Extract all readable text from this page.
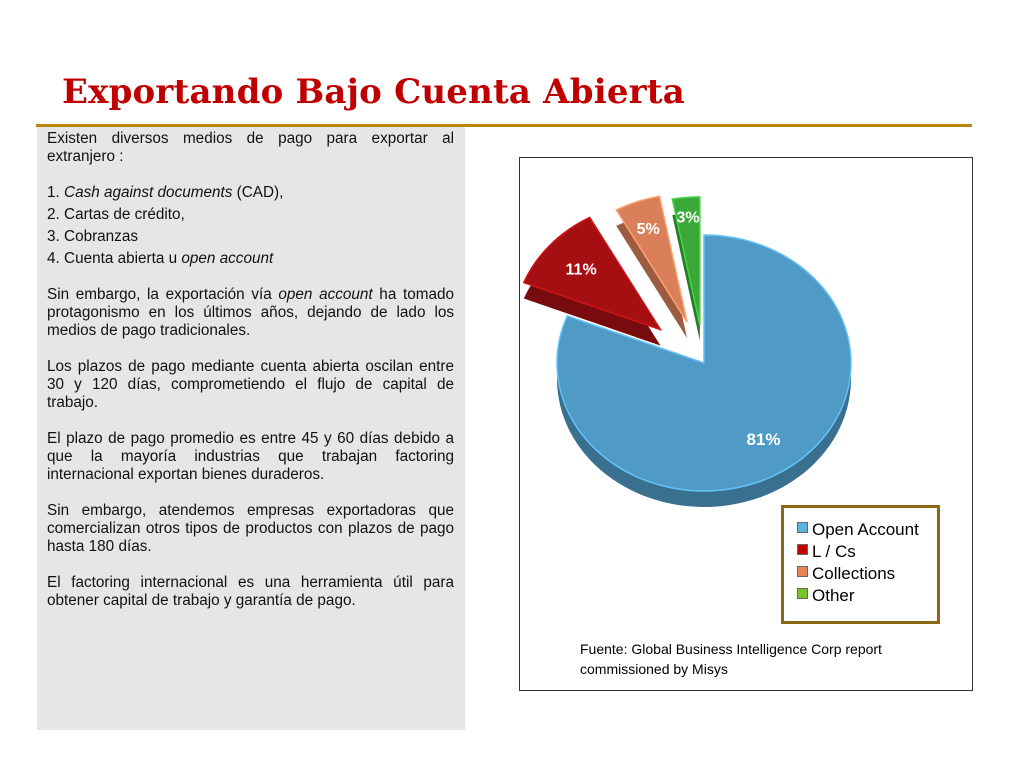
Exportando Bajo Cuenta Abierta

Existen diversos medios de pago para exportar al extranjero :

1. Cash against documents (CAD),

2. Cartas de crédito,

3. Cobranzas

4. Cuenta abierta u open account

Sin embargo, la exportación vía open account ha tomado protagonismo en los últimos años, dejando de lado los medios de pago tradicionales.

Los plazos de pago mediante cuenta abierta oscilan entre 30 y 120 días, comprometiendo el flujo de capital de trabajo.

El plazo de pago promedio es entre 45 y 60 días debido a que la mayoría industrias que trabajan factoring internacional exportan bienes duraderos.

Sin embargo, atendemos empresas exportadoras que comercializan otros tipos de productos con plazos de pago hasta 180 días.

El factoring internacional es una herramienta útil para obtener capital de trabajo y garantía de pago.

11%
5%
3%
81%
Open Account
L / Cs
Collections
Other
Fuente: Global Business Intelligence Corp report commissioned by Misys
